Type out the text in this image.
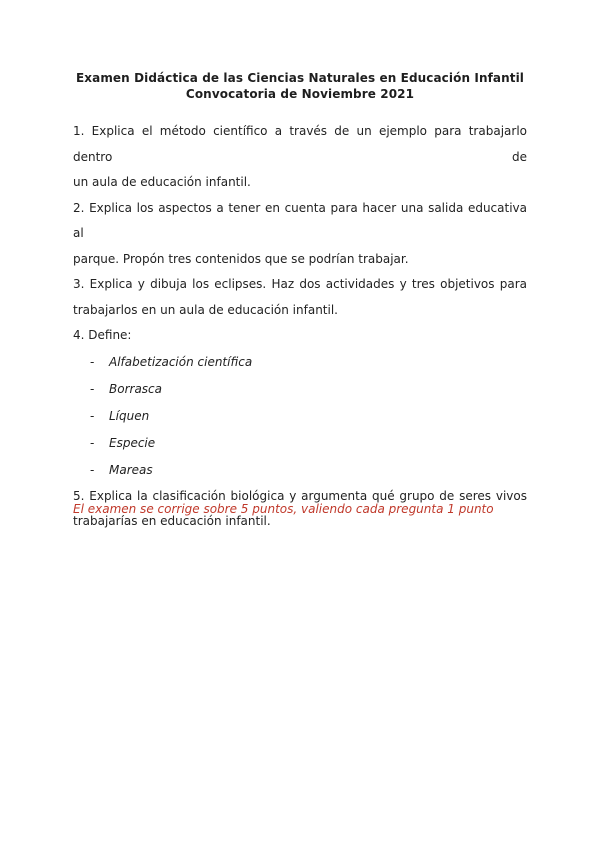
Examen Didáctica de las Ciencias Naturales en Educación Infantil
Convocatoria de Noviembre 2021

1. Explica el método científico a través de un ejemplo para trabajarlo dentro de
un aula de educación infantil.

2. Explica los aspectos a tener en cuenta para hacer una salida educativa al
parque. Propón tres contenidos que se podrían trabajar.

3. Explica y dibuja los eclipses. Haz dos actividades y tres objetivos para
trabajarlos en un aula de educación infantil.

4. Define:

- Alfabetización científica
- Borrasca
- Líquen
- Especie
- Mareas

5. Explica la clasificación biológica y argumenta qué grupo de seres vivos
trabajarías en educación infantil.

El examen se corrige sobre 5 puntos, valiendo cada pregunta 1 punto
